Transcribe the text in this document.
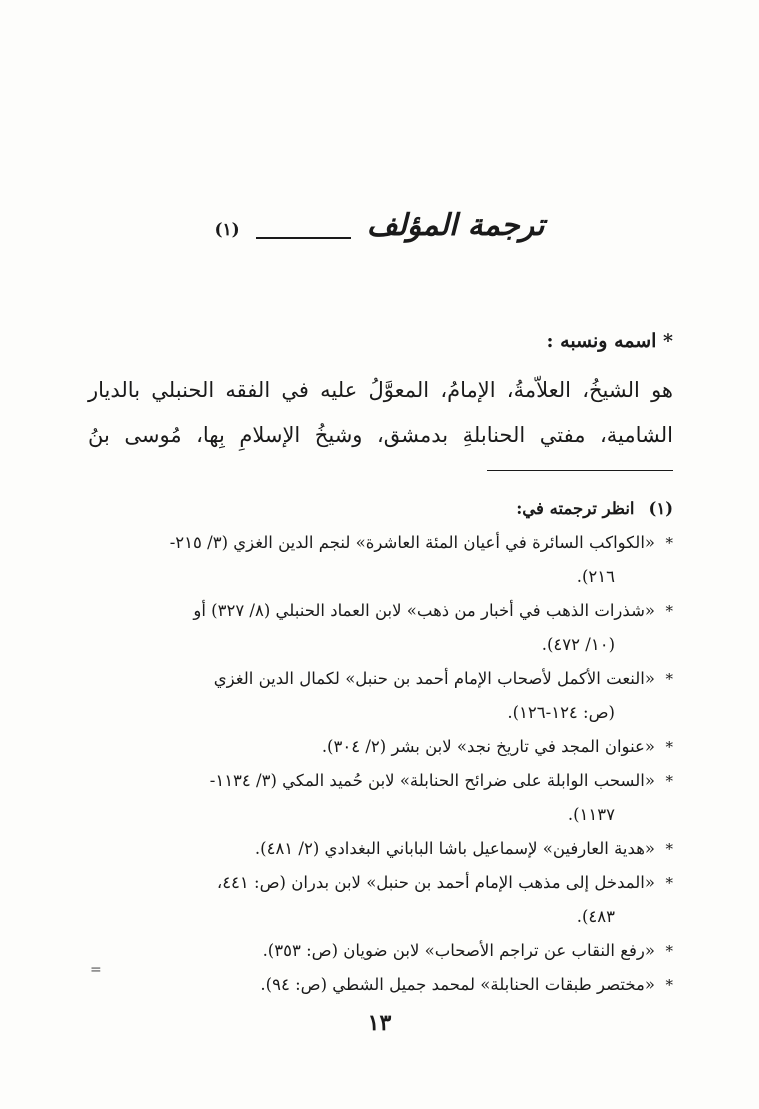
ترجمة المؤلف
(١)
* اسمه ونسبه :
هو الشيخُ، العلاّمةُ، الإمامُ، المعوَّلُ عليه في الفقه الحنبلي بالديار
الشامية، مفتي الحنابلةِ بدمشق، وشيخُ الإسلامِ بِها، مُوسى بنُ
(١)
انظر ترجمته في:
*
«الكواكب السائرة في أعيان المئة العاشرة» لنجم الدين الغزي (٣/ ٢١٥-
٢١٦).
*
«شذرات الذهب في أخبار من ذهب» لابن العماد الحنبلي (٨/ ٣٢٧) أو
(١٠/ ٤٧٢).
*
«النعت الأكمل لأصحاب الإمام أحمد بن حنبل» لكمال الدين الغزي
(ص: ١٢٤-١٢٦).
*
«عنوان المجد في تاريخ نجد» لابن بشر (٢/ ٣٠٤).
*
«السحب الوابلة على ضرائح الحنابلة» لابن حُميد المكي (٣/ ١١٣٤-
١١٣٧).
*
«هدية العارفين» لإسماعيل باشا الباباني البغدادي (٢/ ٤٨١).
*
«المدخل إلى مذهب الإمام أحمد بن حنبل» لابن بدران (ص: ٤٤١،
٤٨٣).
*
«رفع النقاب عن تراجم الأصحاب» لابن ضويان (ص: ٣٥٣).
*
«مختصر طبقات الحنابلة» لمحمد جميل الشطي (ص: ٩٤).
=
١٣
